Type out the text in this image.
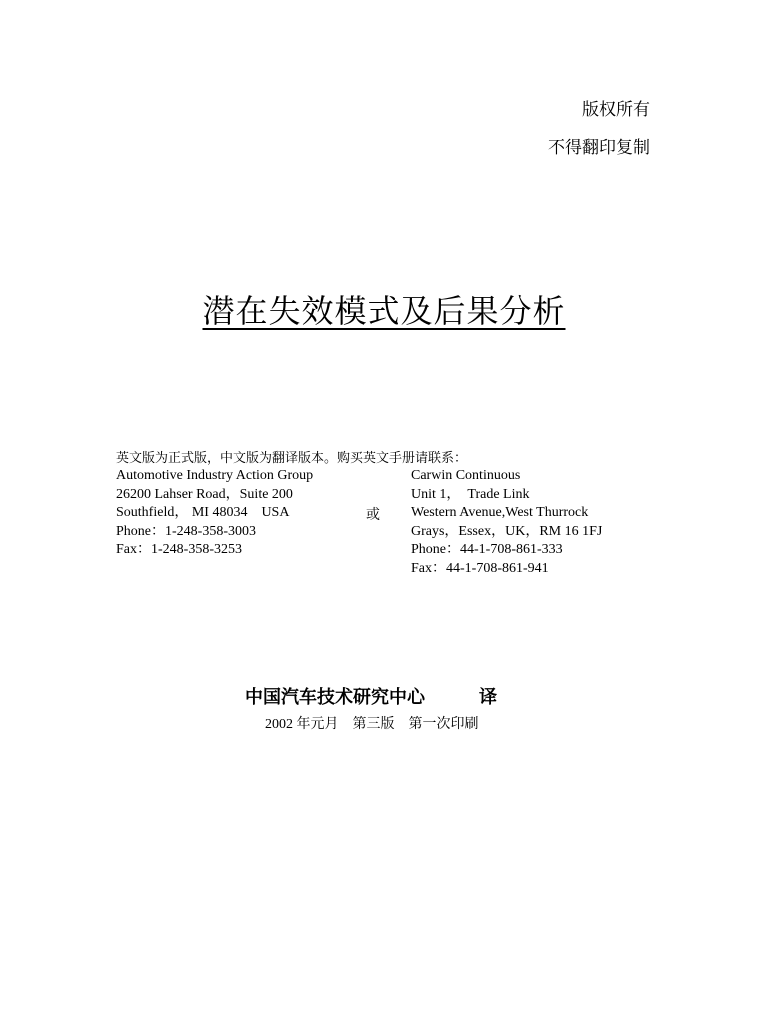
版权所有
不得翻印复制
潜在失效模式及后果分析
英文版为正式版，中文版为翻译版本。购买英文手册请联系：
Automotive Industry Action Group
26200 Lahser Road，Suite 200
Southfield， MI 48034　USA
Phone：1-248-358-3003
Fax：1-248-358-3253
或
Carwin Continuous
Unit 1，　Trade Link
Western Avenue,West Thurrock
Grays，Essex，UK，RM 16 1FJ
Phone：44-1-708-861-333
Fax：44-1-708-861-941
中国汽车技术研究中心	译
2002 年元月　第三版　第一次印刷
